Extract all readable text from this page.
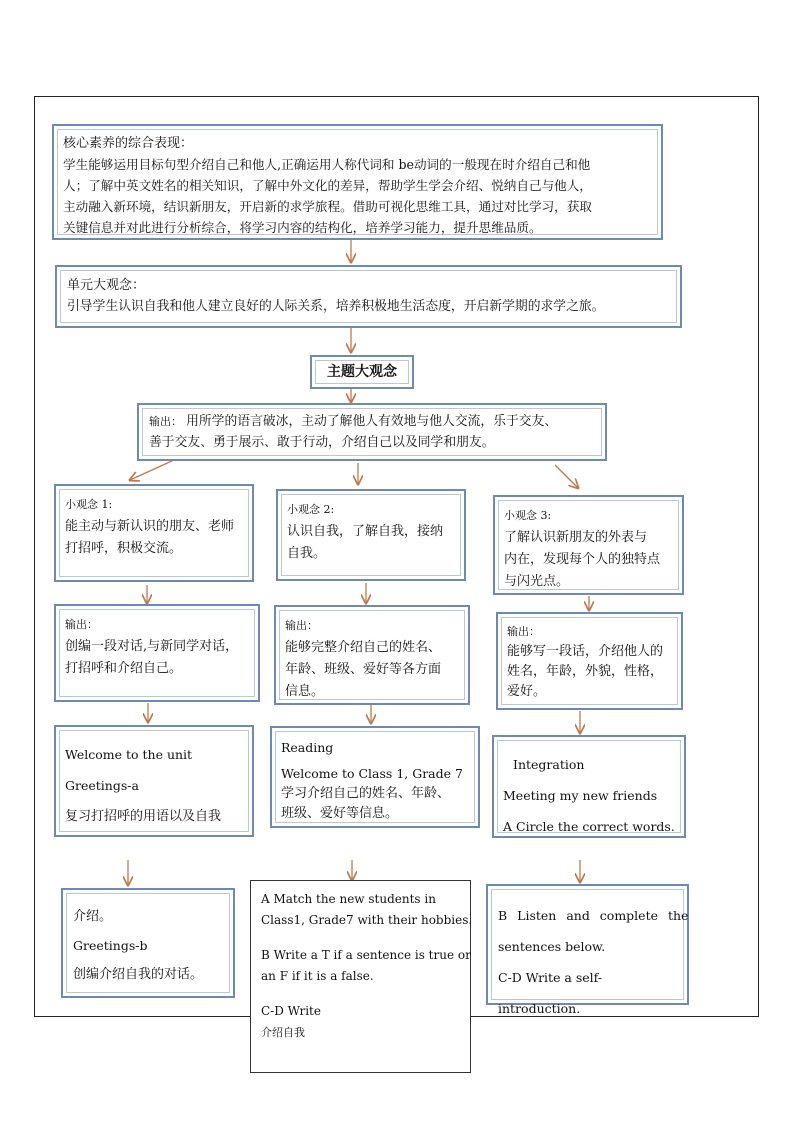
核心素养的综合表现：
学生能够运用目标句型介绍自己和他人,正确运用人称代词和 be动词的一般现在时介绍自己和他
人；了解中英文姓名的相关知识，了解中外文化的差异，帮助学生学会介绍、悦纳自己与他人，
主动融入新环境，结识新朋友，开启新的求学旅程。借助可视化思维工具，通过对比学习，获取
关键信息并对此进行分析综合，将学习内容的结构化，培养学习能力，提升思维品质。
单元大观念：
引导学生认识自我和他人建立良好的人际关系，培养积极地生活态度，开启新学期的求学之旅。
主题大观念
输出： 用所学的语言破冰，主动了解他人有效地与他人交流，乐于交友、
善于交友、勇于展示、敢于行动，介绍自己以及同学和朋友。
小观念 1:
能主动与新认识的朋友、老师
打招呼，积极交流。
输出：
创编一段对话,与新同学对话，
打招呼和介绍自己。
Welcome to the unit
Greetings-a
复习打招呼的用语以及自我
介绍。
Greetings-b
创编介绍自我的对话。
小观念 2:
认识自我，了解自我，接纳
自我。
输出：
能够完整介绍自己的姓名、
年龄、班级、爱好等各方面
信息。
Reading
Welcome to Class 1, Grade 7
学习介绍自己的姓名、年龄、
班级、爱好等信息。
A Match the new students in
Class1, Grade7 with their hobbies.
B Write a T if a sentence is true or
an F if it is a false.
C-D Write
介绍自我
小观念 3:
了解认识新朋友的外表与
内在，发现每个人的独特点
与闪光点。
输出：
能够写一段话，介绍他人的
姓名，年龄，外貌，性格，
爱好。
Integration
Meeting my new friends
A Circle the correct words.
B Listen and complete the
sentences below.
C-D Write a self-introduction.
